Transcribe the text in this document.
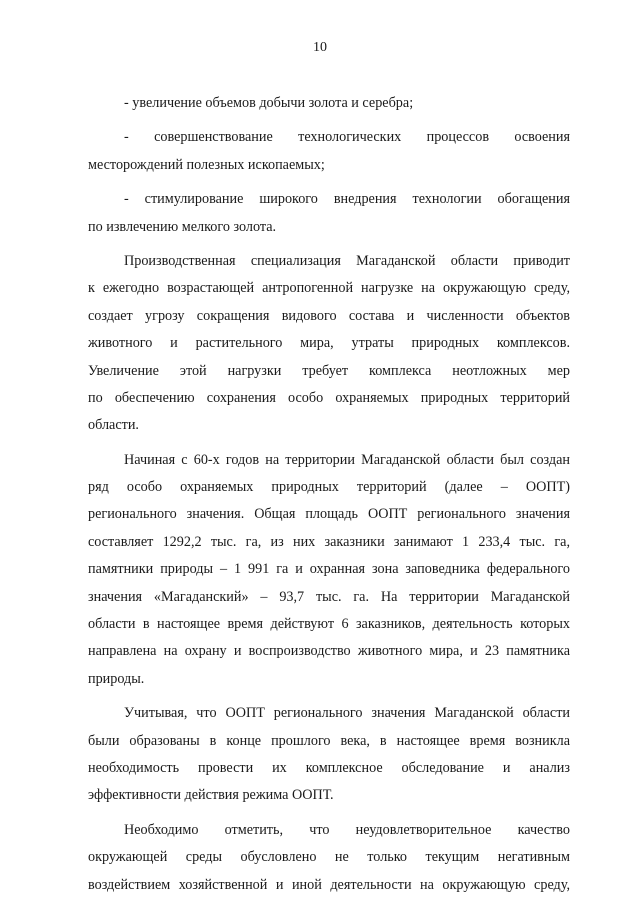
10
- увеличение объемов добычи золота и серебра;
- совершенствование технологических процессов освоения
месторождений полезных ископаемых;
- стимулирование широкого внедрения технологии обогащения
по извлечению мелкого золота.
Производственная специализация Магаданской области приводит
к ежегодно возрастающей антропогенной нагрузке на окружающую среду,
создает угрозу сокращения видового состава и численности объектов
животного и растительного мира, утраты природных комплексов.
Увеличение этой нагрузки требует комплекса неотложных мер
по обеспечению сохранения особо охраняемых природных территорий
области.
Начиная с 60-х годов на территории Магаданской области был создан
ряд особо охраняемых природных территорий (далее – ООПТ)
регионального значения. Общая площадь ООПТ регионального значения
составляет 1292,2 тыс. га, из них заказники занимают 1 233,4 тыс. га,
памятники природы – 1 991 га и охранная зона заповедника федерального
значения «Магаданский» – 93,7 тыс. га. На территории Магаданской
области в настоящее время действуют 6 заказников, деятельность которых
направлена на охрану и воспроизводство животного мира, и 23 памятника
природы.
Учитывая, что ООПТ регионального значения Магаданской области
были образованы в конце прошлого века, в настоящее время возникла
необходимость провести их комплексное обследование и анализ
эффективности действия режима ООПТ.
Необходимо отметить, что неудовлетворительное качество
окружающей среды обусловлено не только текущим негативным
воздействием хозяйственной и иной деятельности на окружающую среду,
